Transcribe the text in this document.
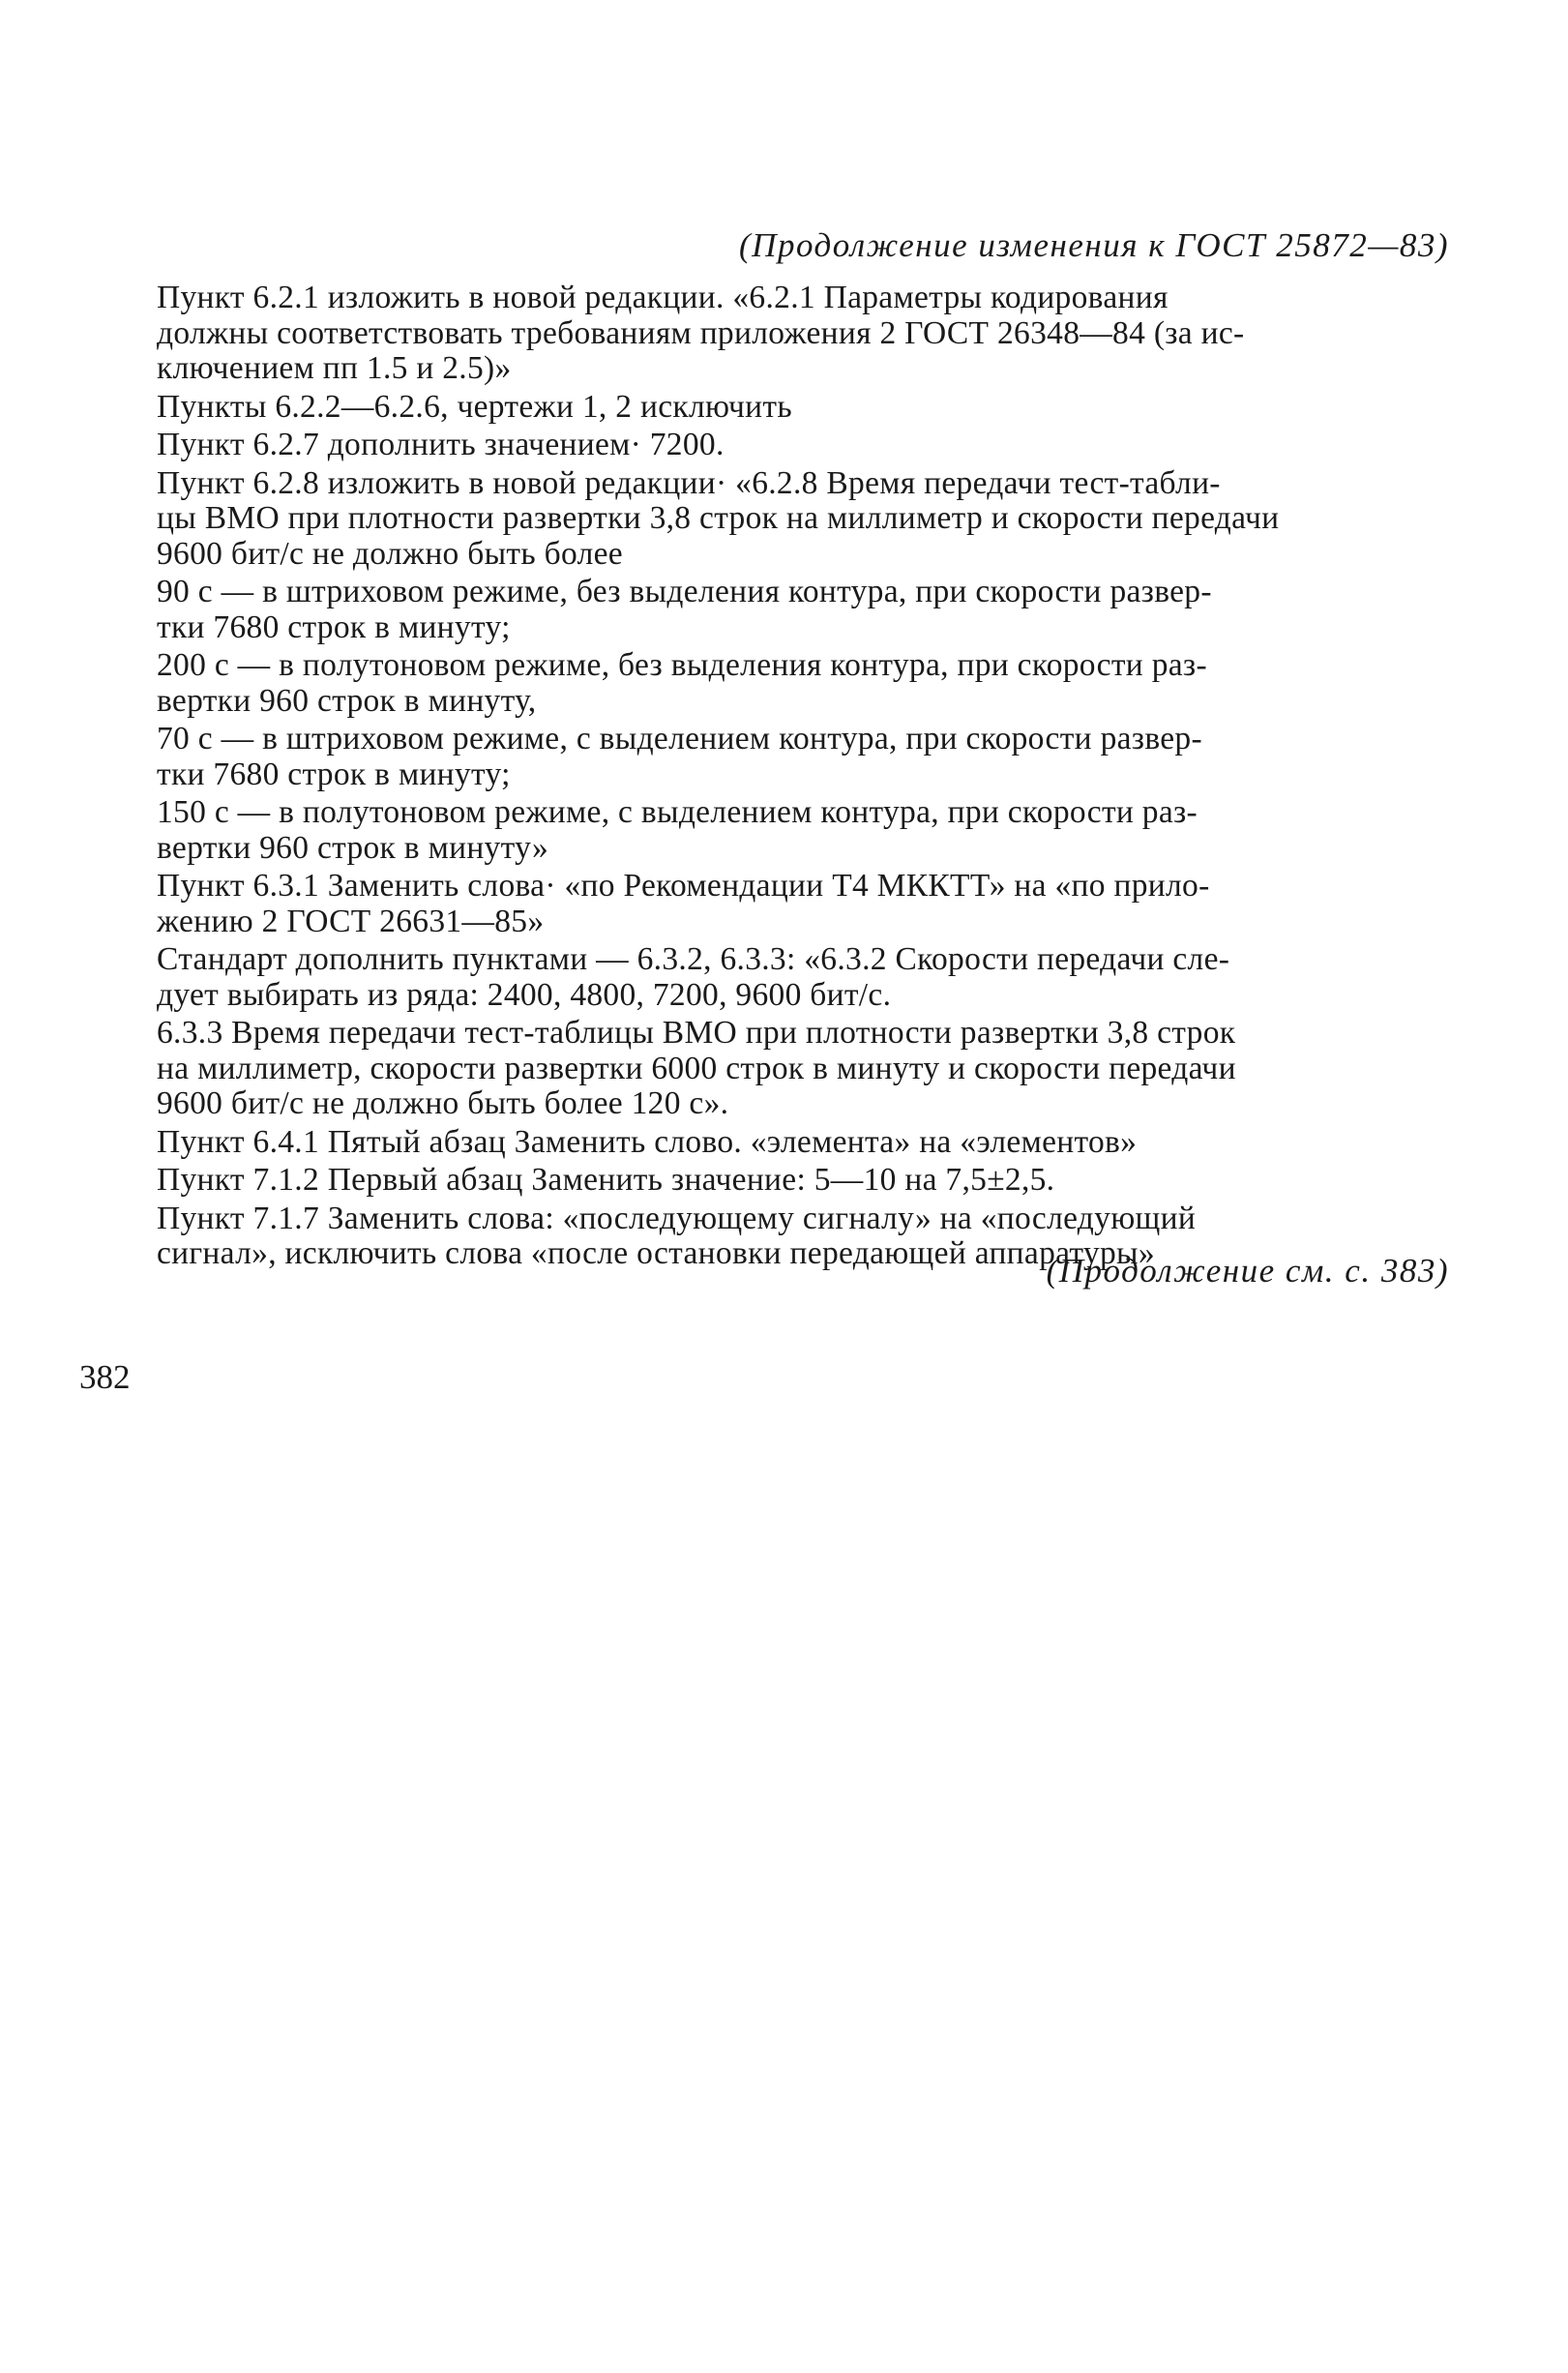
(Продолжение изменения к ГОСТ 25872—83)

Пункт 6.2.1 изложить в новой редакции. «6.2.1 Параметры кодирования
должны соответствовать требованиям приложения 2 ГОСТ 26348—84 (за ис-
ключением пп 1.5 и 2.5)»

Пункты 6.2.2—6.2.6, чертежи 1, 2 исключить

Пункт 6.2.7 дополнить значением· 7200.

Пункт 6.2.8 изложить в новой редакции· «6.2.8 Время передачи тест-табли-
цы ВМО при плотности развертки 3,8 строк на миллиметр и скорости передачи
9600 бит/с не должно быть более

90 с — в штриховом режиме, без выделения контура, при скорости развер-
тки 7680 строк в минуту;

200 с — в полутоновом режиме, без выделения контура, при скорости раз-
вертки 960 строк в минуту,

70 с — в штриховом режиме, с выделением контура, при скорости развер-
тки 7680 строк в минуту;

150 с — в полутоновом режиме, с выделением контура, при скорости раз-
вертки 960 строк в минуту»

Пункт 6.3.1 Заменить слова· «по Рекомендации Т4 МККТТ» на «по прило-
жению 2 ГОСТ 26631—85»

Стандарт дополнить пунктами — 6.3.2, 6.3.3: «6.3.2 Скорости передачи сле-
дует выбирать из ряда: 2400, 4800, 7200, 9600 бит/с.

6.3.3 Время передачи тест-таблицы ВМО при плотности развертки 3,8 строк
на миллиметр, скорости развертки 6000 строк в минуту и скорости передачи
9600 бит/с не должно быть более 120 с».

Пункт 6.4.1 Пятый абзац Заменить слово. «элемента» на «элементов»

Пункт 7.1.2 Первый абзац Заменить значение: 5—10 на 7,5±2,5.

Пункт 7.1.7 Заменить слова: «последующему сигналу» на «последующий
сигнал», исключить слова «после остановки передающей аппаратуры»

(Продолжение см. с. 383)
382
